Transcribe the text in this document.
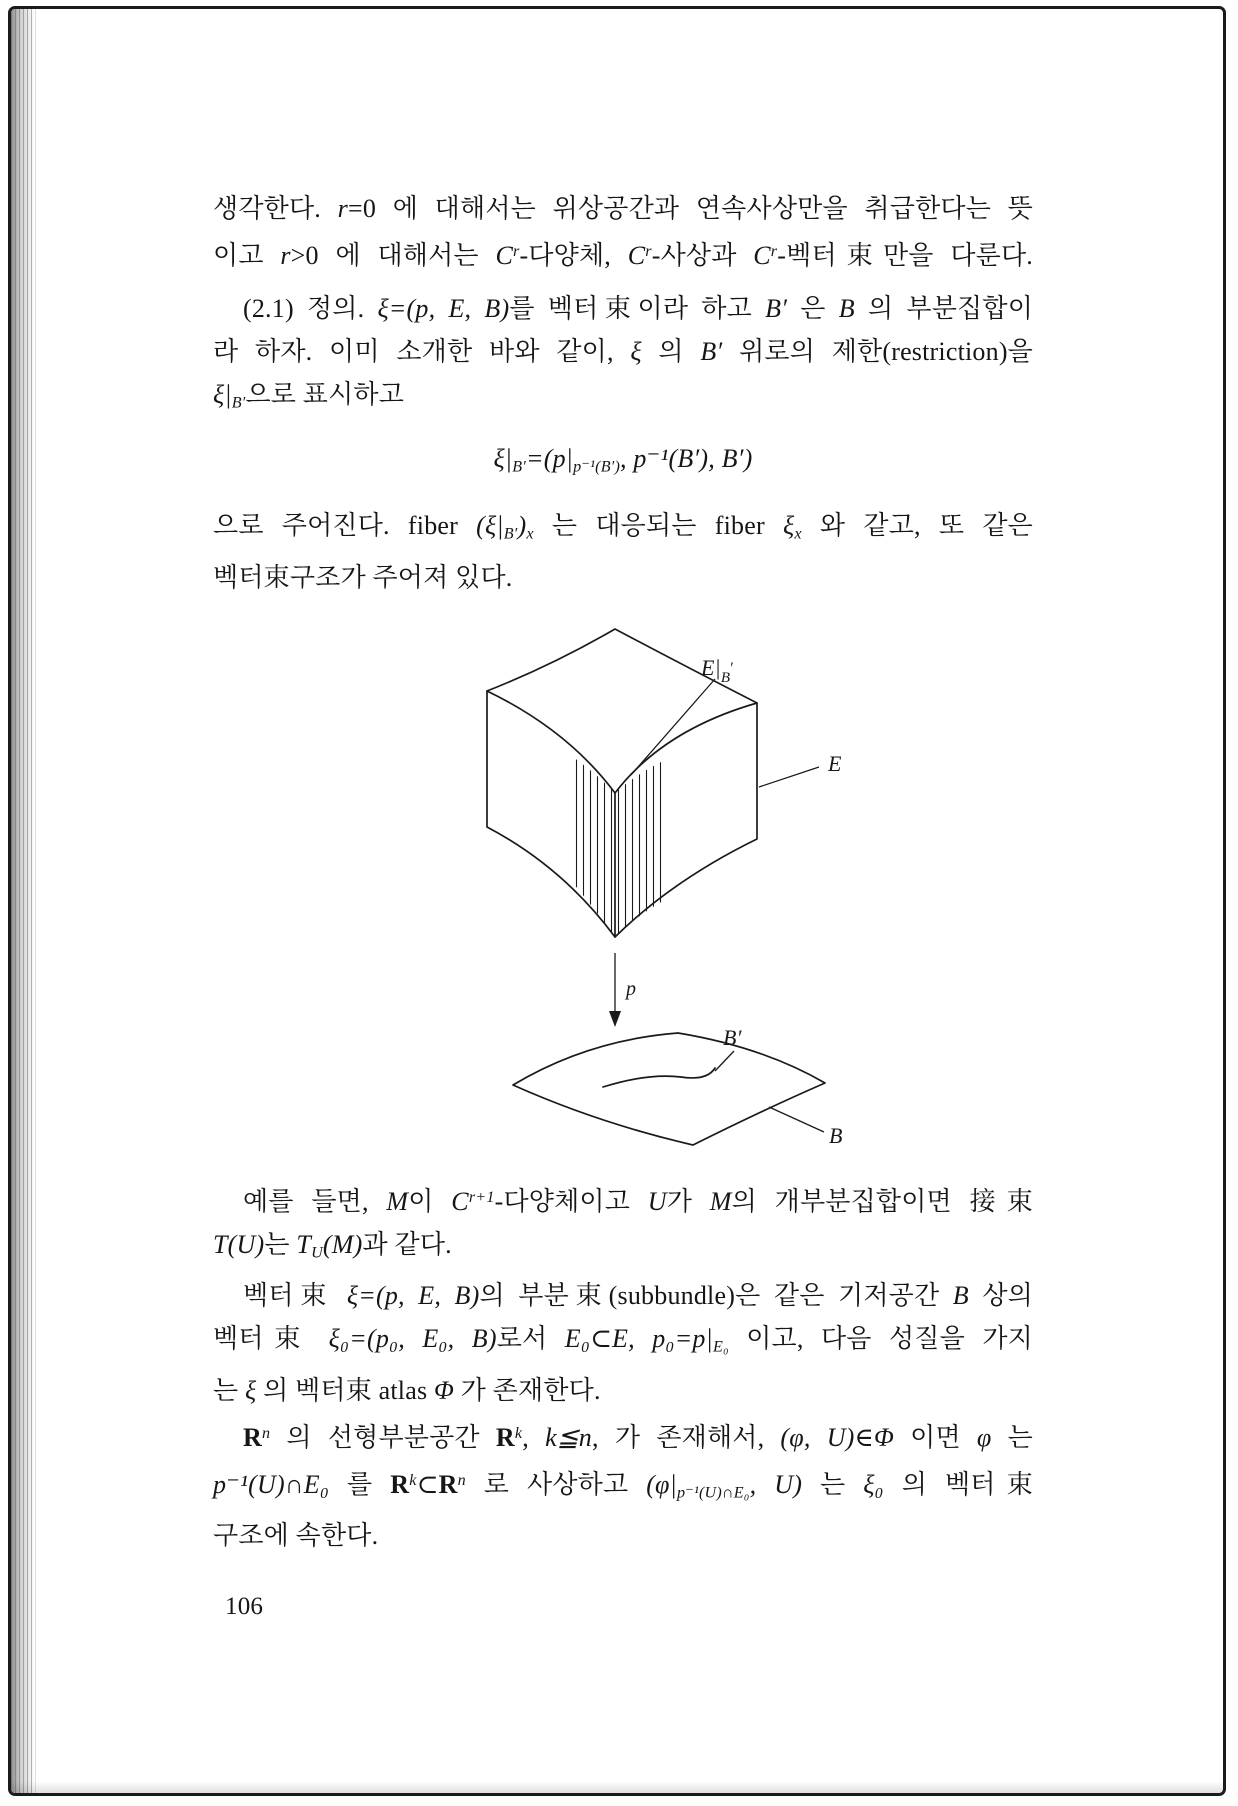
생각한다. r=0 에 대해서는 위상공간과 연속사상만을 취급한다는 뜻
이고 r>0 에 대해서는 $C^r-$다양체, $C^r-$사상과 $C^r-$벡터束만을 다룬다.
(2.1) 정의. ξ=(p, E, B)를 벡터束이라 하고 B′ 은 B 의 부분집합이
라 하자. 이미 소개한 바와 같이, ξ 의 B′ 위로의 제한(restriction)을
$\xi|_{B'}$으로 표시하고
$\xi|_{B'}=(p|_{p^{-1}(B')}$, p⁻¹(B′), B′)
으로 주어진다. fiber $(\xi|_{B'})_x$ 는 대응되는 fiber $\xi_x$ 와 같고, 또 같은
벡터束구조가 주어져 있다.
$E|_B'$
E
p
B′
B
예를 들면, M이 $C^{r+1}-$다양체이고 U가 M의 개부분집합이면 接束
T(U)는 $T_U(M)$과 같다.
벡터束 ξ=(p, E, B)의 부분束(subbundle)은 같은 기저공간 B 상의
벡터束 ξ₀=(p₀, E₀, B)로서 E₀⊂E, $p_0=p|_{E_0}$ 이고, 다음 성질을 가지
는 ξ 의 벡터束 atlas Φ 가 존재한다.
$R^n$ 의 선형부분공간 $R^k$, k≦n, 가 존재해서, (φ, U)∈Φ 이면 φ 는
p⁻¹(U)∩E₀ 를 $R^k\subset R^n$ 로 사상하고 ($\varphi|_{p^{-1}(U)\cap E_0}$, U) 는 ξ₀ 의 벡터束
구조에 속한다.
106
